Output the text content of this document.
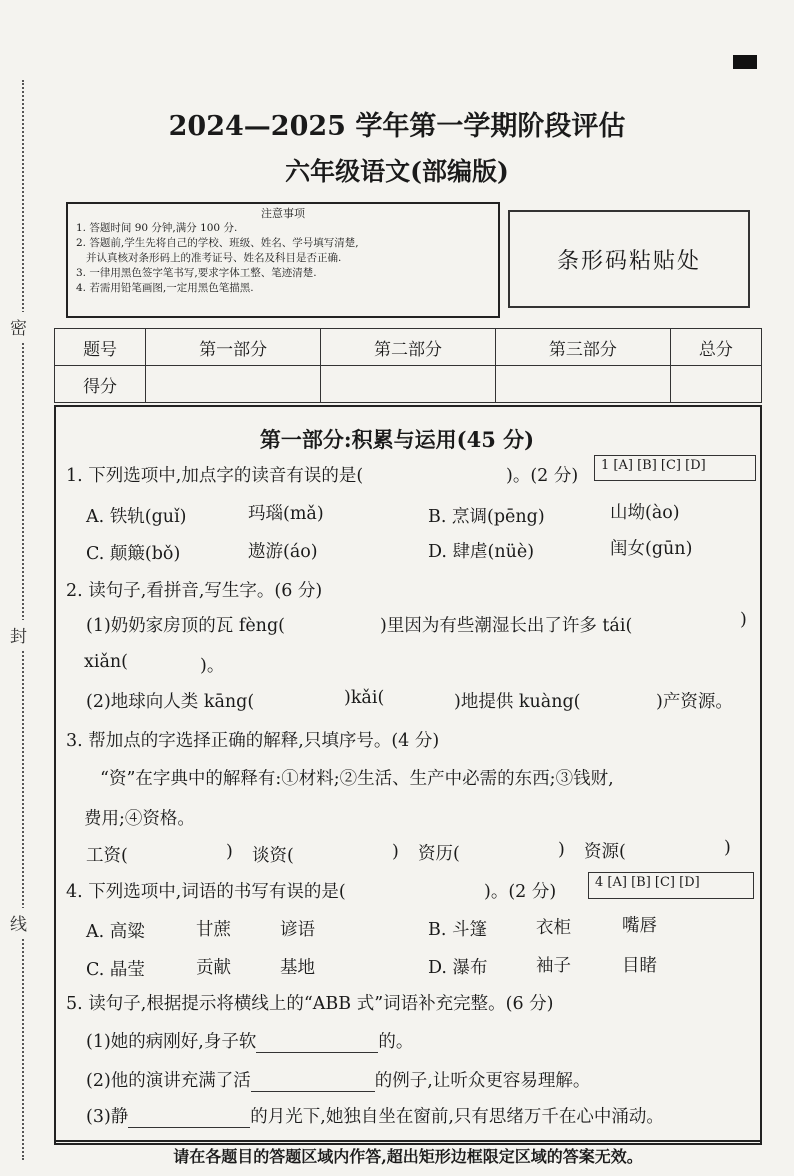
密
封
线
2024—2025 学年第一学期阶段评估
六年级语文(部编版)
注意事项
1. 答题时间 90 分钟,满分 100 分.
2. 答题前,学生先将自己的学校、班级、姓名、学号填写清楚,
并认真核对条形码上的准考证号、姓名及科目是否正确.
3. 一律用黑色签字笔书写,要求字体工整、笔迹清楚.
4. 若需用铅笔画图,一定用黑色笔描黑.
条形码粘贴处
题号	第一部分	第二部分	第三部分	总分
得分				
第一部分:积累与运用(45 分)
1. 下列选项中,加点字的读音有误的是(	)。(2 分)
1 [A] [B] [C] [D]
A. 铁轨(guǐ)	玛瑙(mǎ)	B. 烹调(pēng)	山坳(ào)
C. 颠簸(bǒ)	遨游(áo)	D. 肆虐(nüè)	闺女(gūn)
2. 读句子,看拼音,写生字。(6 分)
(1)奶奶家房顶的瓦 fèng(	)里因为有些潮湿长出了许多 tái(	)
xiǎn(	)。
(2)地球向人类 kāng(	)kǎi(	)地提供 kuàng(	)产资源。
3. 帮加点的字选择正确的解释,只填序号。(4 分)
“资”在字典中的解释有:①材料;②生活、生产中必需的东西;③钱财,
费用;④资格。
工资(	) 谈资(	) 资历(	) 资源(	)
4. 下列选项中,词语的书写有误的是(	)。(2 分)	4 [A] [B] [C] [D]
A. 高粱	甘蔗	谚语	B. 斗篷	衣柜	嘴唇
C. 晶莹	贡献	基地	D. 瀑布	袖子	目睹
5. 读句子,根据提示将横线上的“ABB 式”词语补充完整。(6 分)
(1)她的病刚好,身子软	的。
(2)他的演讲充满了活	的例子,让听众更容易理解。
(3)静	的月光下,她独自坐在窗前,只有思绪万千在心中涌动。
请在各题目的答题区域内作答,超出矩形边框限定区域的答案无效。
